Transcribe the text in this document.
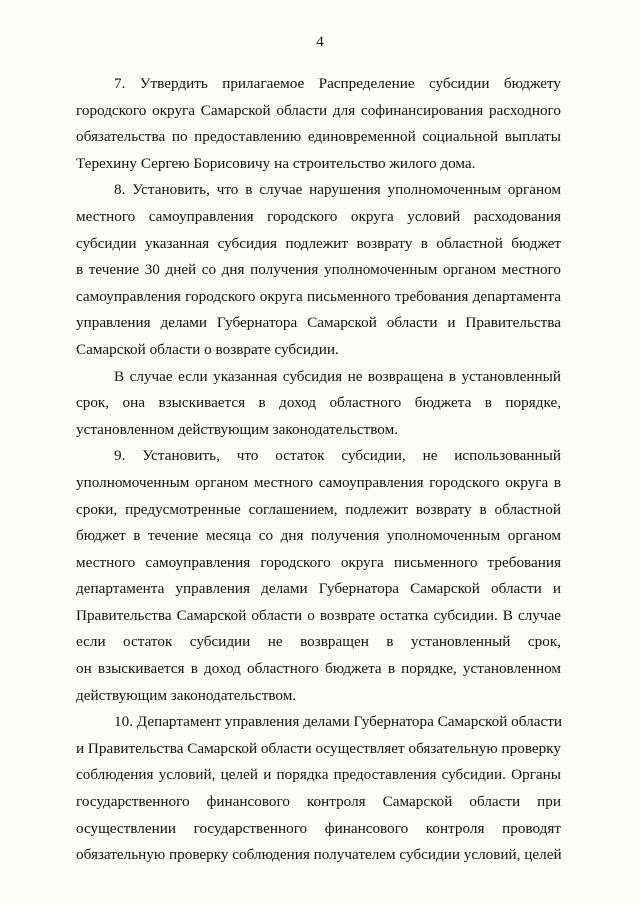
4
7. Утвердить прилагаемое Распределение субсидии бюджету
городского округа Самарской области для софинансирования расходного
обязательства по предоставлению единовременной социальной выплаты
Терехину Сергею Борисовичу на строительство жилого дома.
8. Установить, что в случае нарушения уполномоченным органом
местного самоуправления городского округа условий расходования
субсидии указанная субсидия подлежит возврату в областной бюджет
в течение 30 дней со дня получения уполномоченным органом местного
самоуправления городского округа письменного требования департамента
управления делами Губернатора Самарской области и Правительства
Самарской области о возврате субсидии.
В случае если указанная субсидия не возвращена в установленный
срок, она взыскивается в доход областного бюджета в порядке,
установленном действующим законодательством.
9. Установить, что остаток субсидии, не использованный
уполномоченным органом местного самоуправления городского округа в
сроки, предусмотренные соглашением, подлежит возврату в областной
бюджет в течение месяца со дня получения уполномоченным органом
местного самоуправления городского округа письменного требования
департамента управления делами Губернатора Самарской области и
Правительства Самарской области о возврате остатка субсидии. В случае
если остаток субсидии не возвращен в установленный срок,
он взыскивается в доход областного бюджета в порядке, установленном
действующим законодательством.
10. Департамент управления делами Губернатора Самарской области
и Правительства Самарской области осуществляет обязательную проверку
соблюдения условий, целей и порядка предоставления субсидии. Органы
государственного финансового контроля Самарской области при
осуществлении государственного финансового контроля проводят
обязательную проверку соблюдения получателем субсидии условий, целей
